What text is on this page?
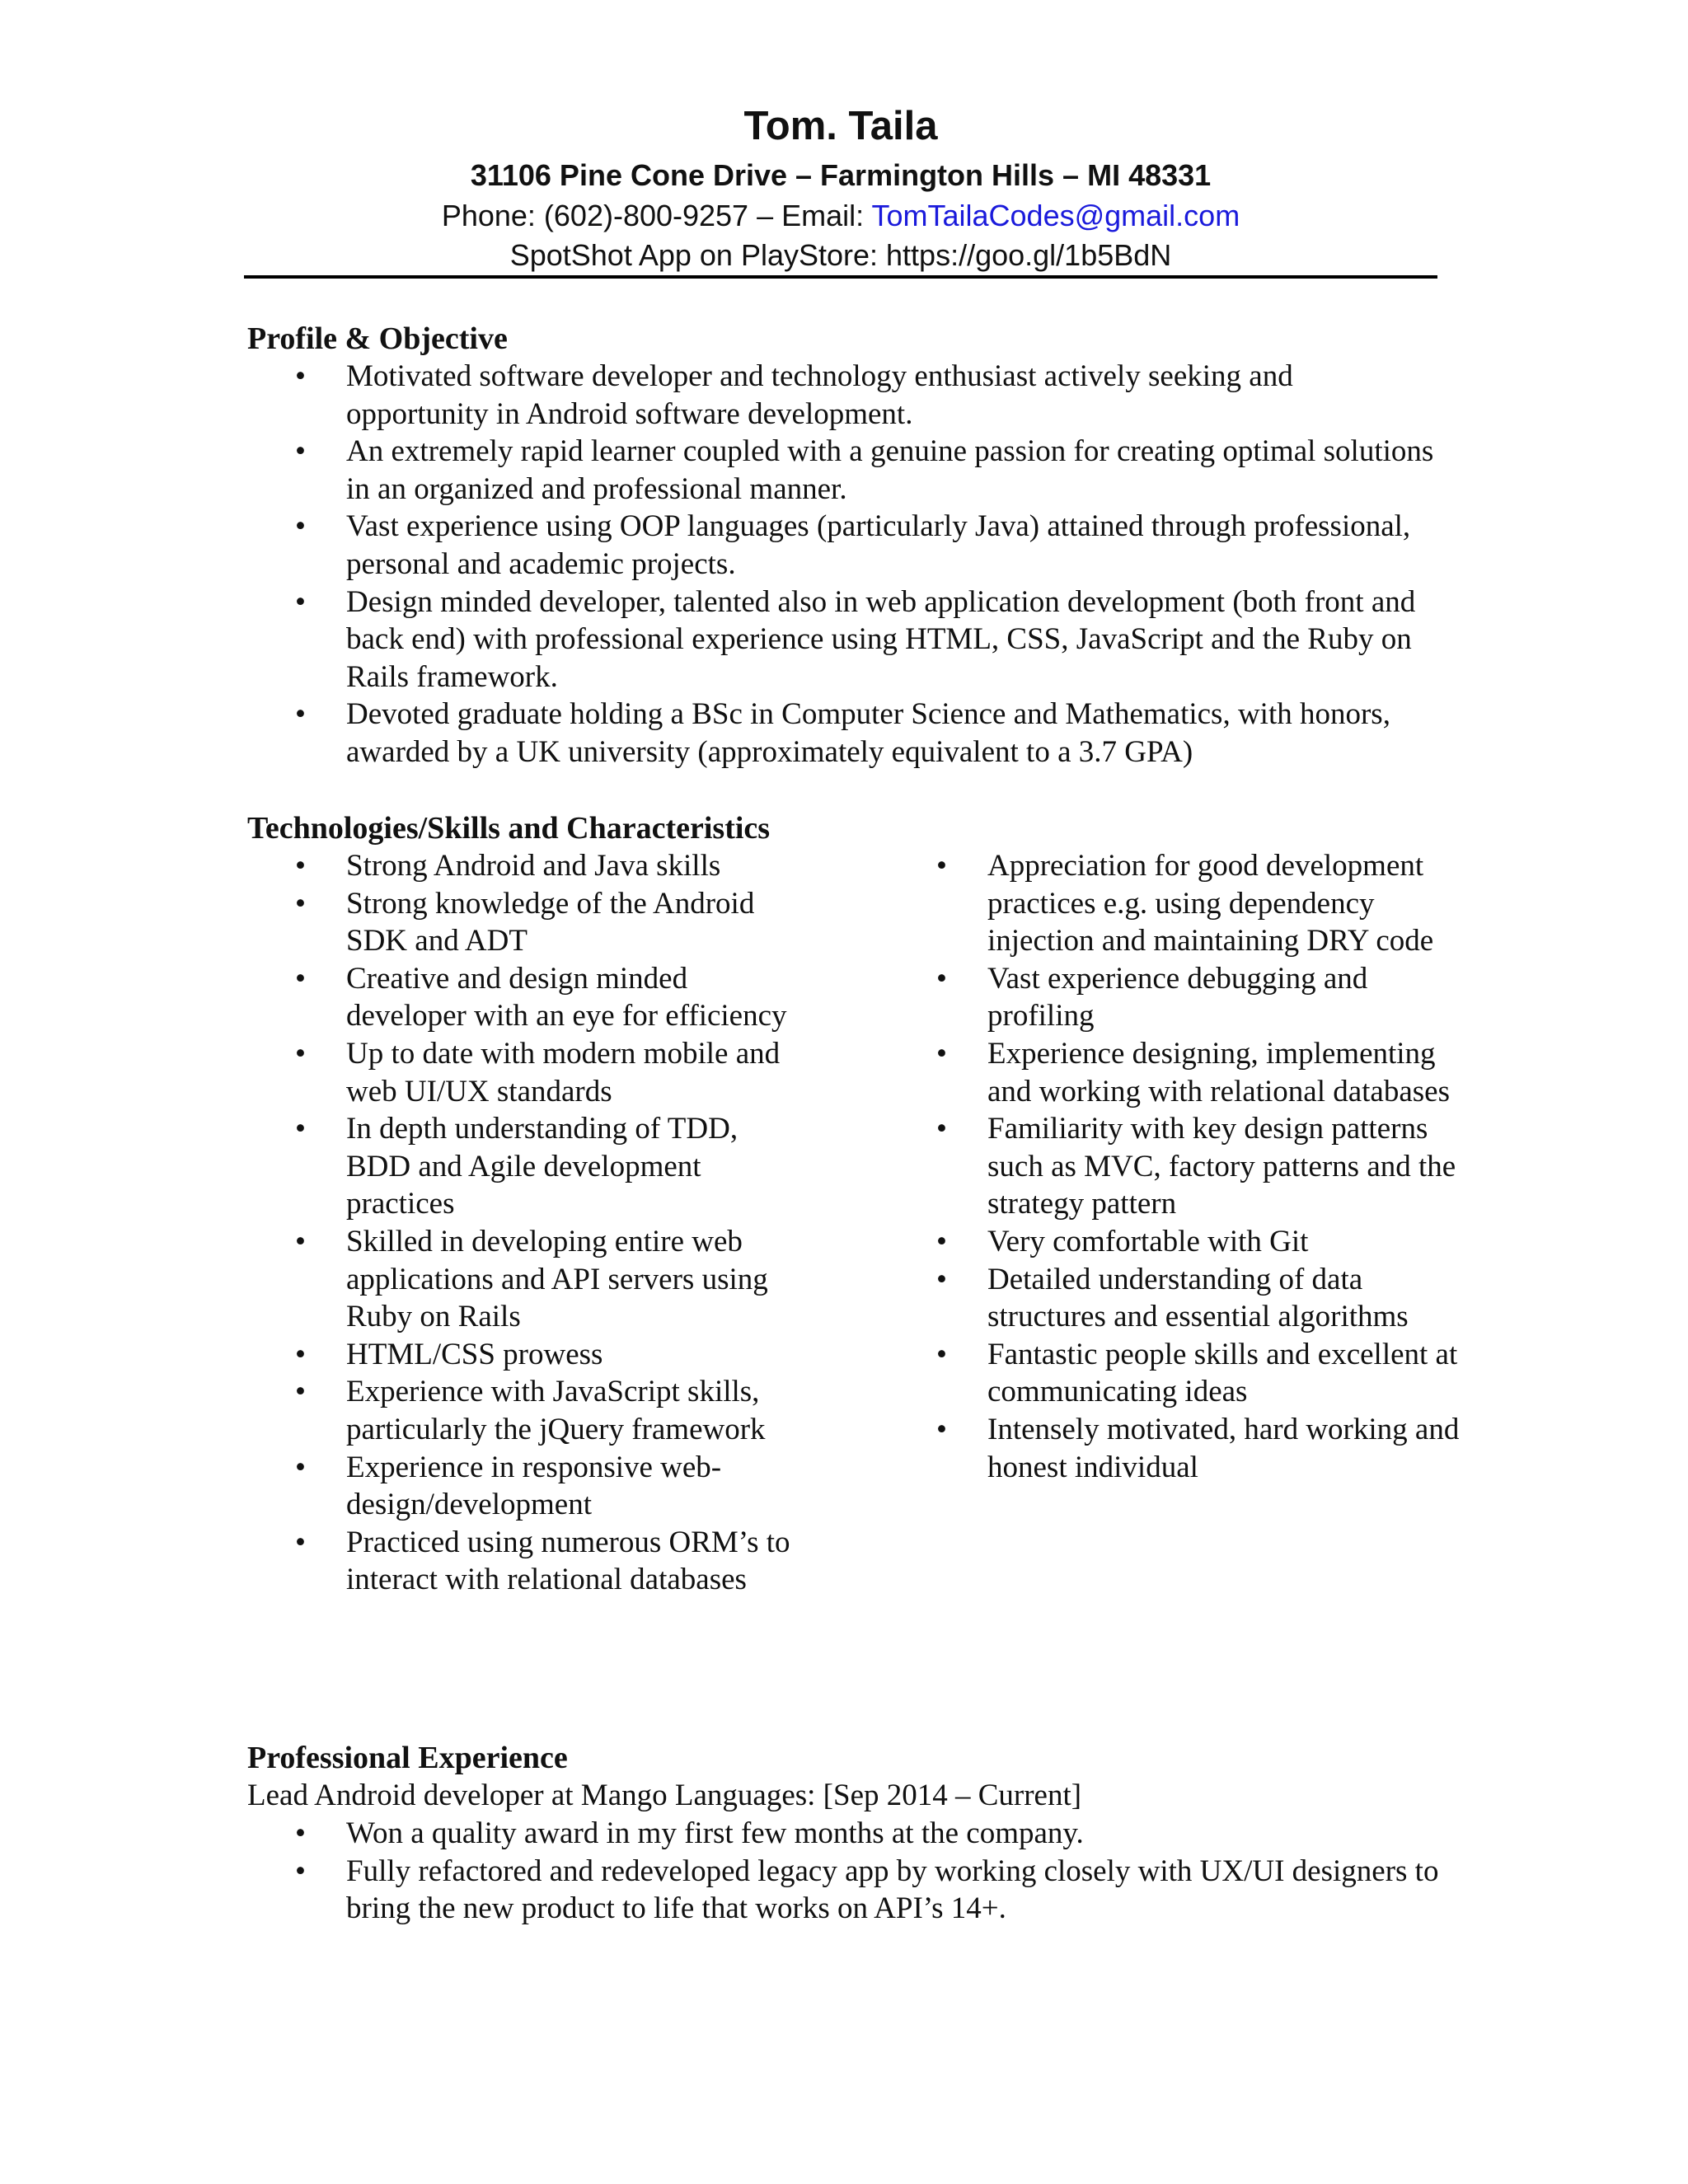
Tom. Taila
31106 Pine Cone Drive – Farmington Hills – MI 48331
Phone: (602)-800-9257 – Email: TomTailaCodes@gmail.com
SpotShot App on PlayStore: https://goo.gl/1b5BdN
Profile & Objective
• Motivated software developer and technology enthusiast actively seeking and opportunity in Android software development.
• An extremely rapid learner coupled with a genuine passion for creating optimal solutions in an organized and professional manner.
• Vast experience using OOP languages (particularly Java) attained through professional, personal and academic projects.
• Design minded developer, talented also in web application development (both front and back end) with professional experience using HTML, CSS, JavaScript and the Ruby on Rails framework.
• Devoted graduate holding a BSc in Computer Science and Mathematics, with honors, awarded by a UK university (approximately equivalent to a 3.7 GPA)
Technologies/Skills and Characteristics
• Strong Android and Java skills
• Strong knowledge of the Android SDK and ADT
• Creative and design minded developer with an eye for efficiency
• Up to date with modern mobile and web UI/UX standards
• In depth understanding of TDD, BDD and Agile development practices
• Skilled in developing entire web applications and API servers using Ruby on Rails
• HTML/CSS prowess
• Experience with JavaScript skills, particularly the jQuery framework
• Experience in responsive web-design/development
• Practiced using numerous ORM’s to interact with relational databases
• Appreciation for good development practices e.g. using dependency injection and maintaining DRY code
• Vast experience debugging and profiling
• Experience designing, implementing and working with relational databases
• Familiarity with key design patterns such as MVC, factory patterns and the strategy pattern
• Very comfortable with Git
• Detailed understanding of data structures and essential algorithms
• Fantastic people skills and excellent at communicating ideas
• Intensely motivated, hard working and honest individual
Professional Experience
Lead Android developer at Mango Languages: [Sep 2014 – Current]
• Won a quality award in my first few months at the company.
• Fully refactored and redeveloped legacy app by working closely with UX/UI designers to bring the new product to life that works on API’s 14+.
